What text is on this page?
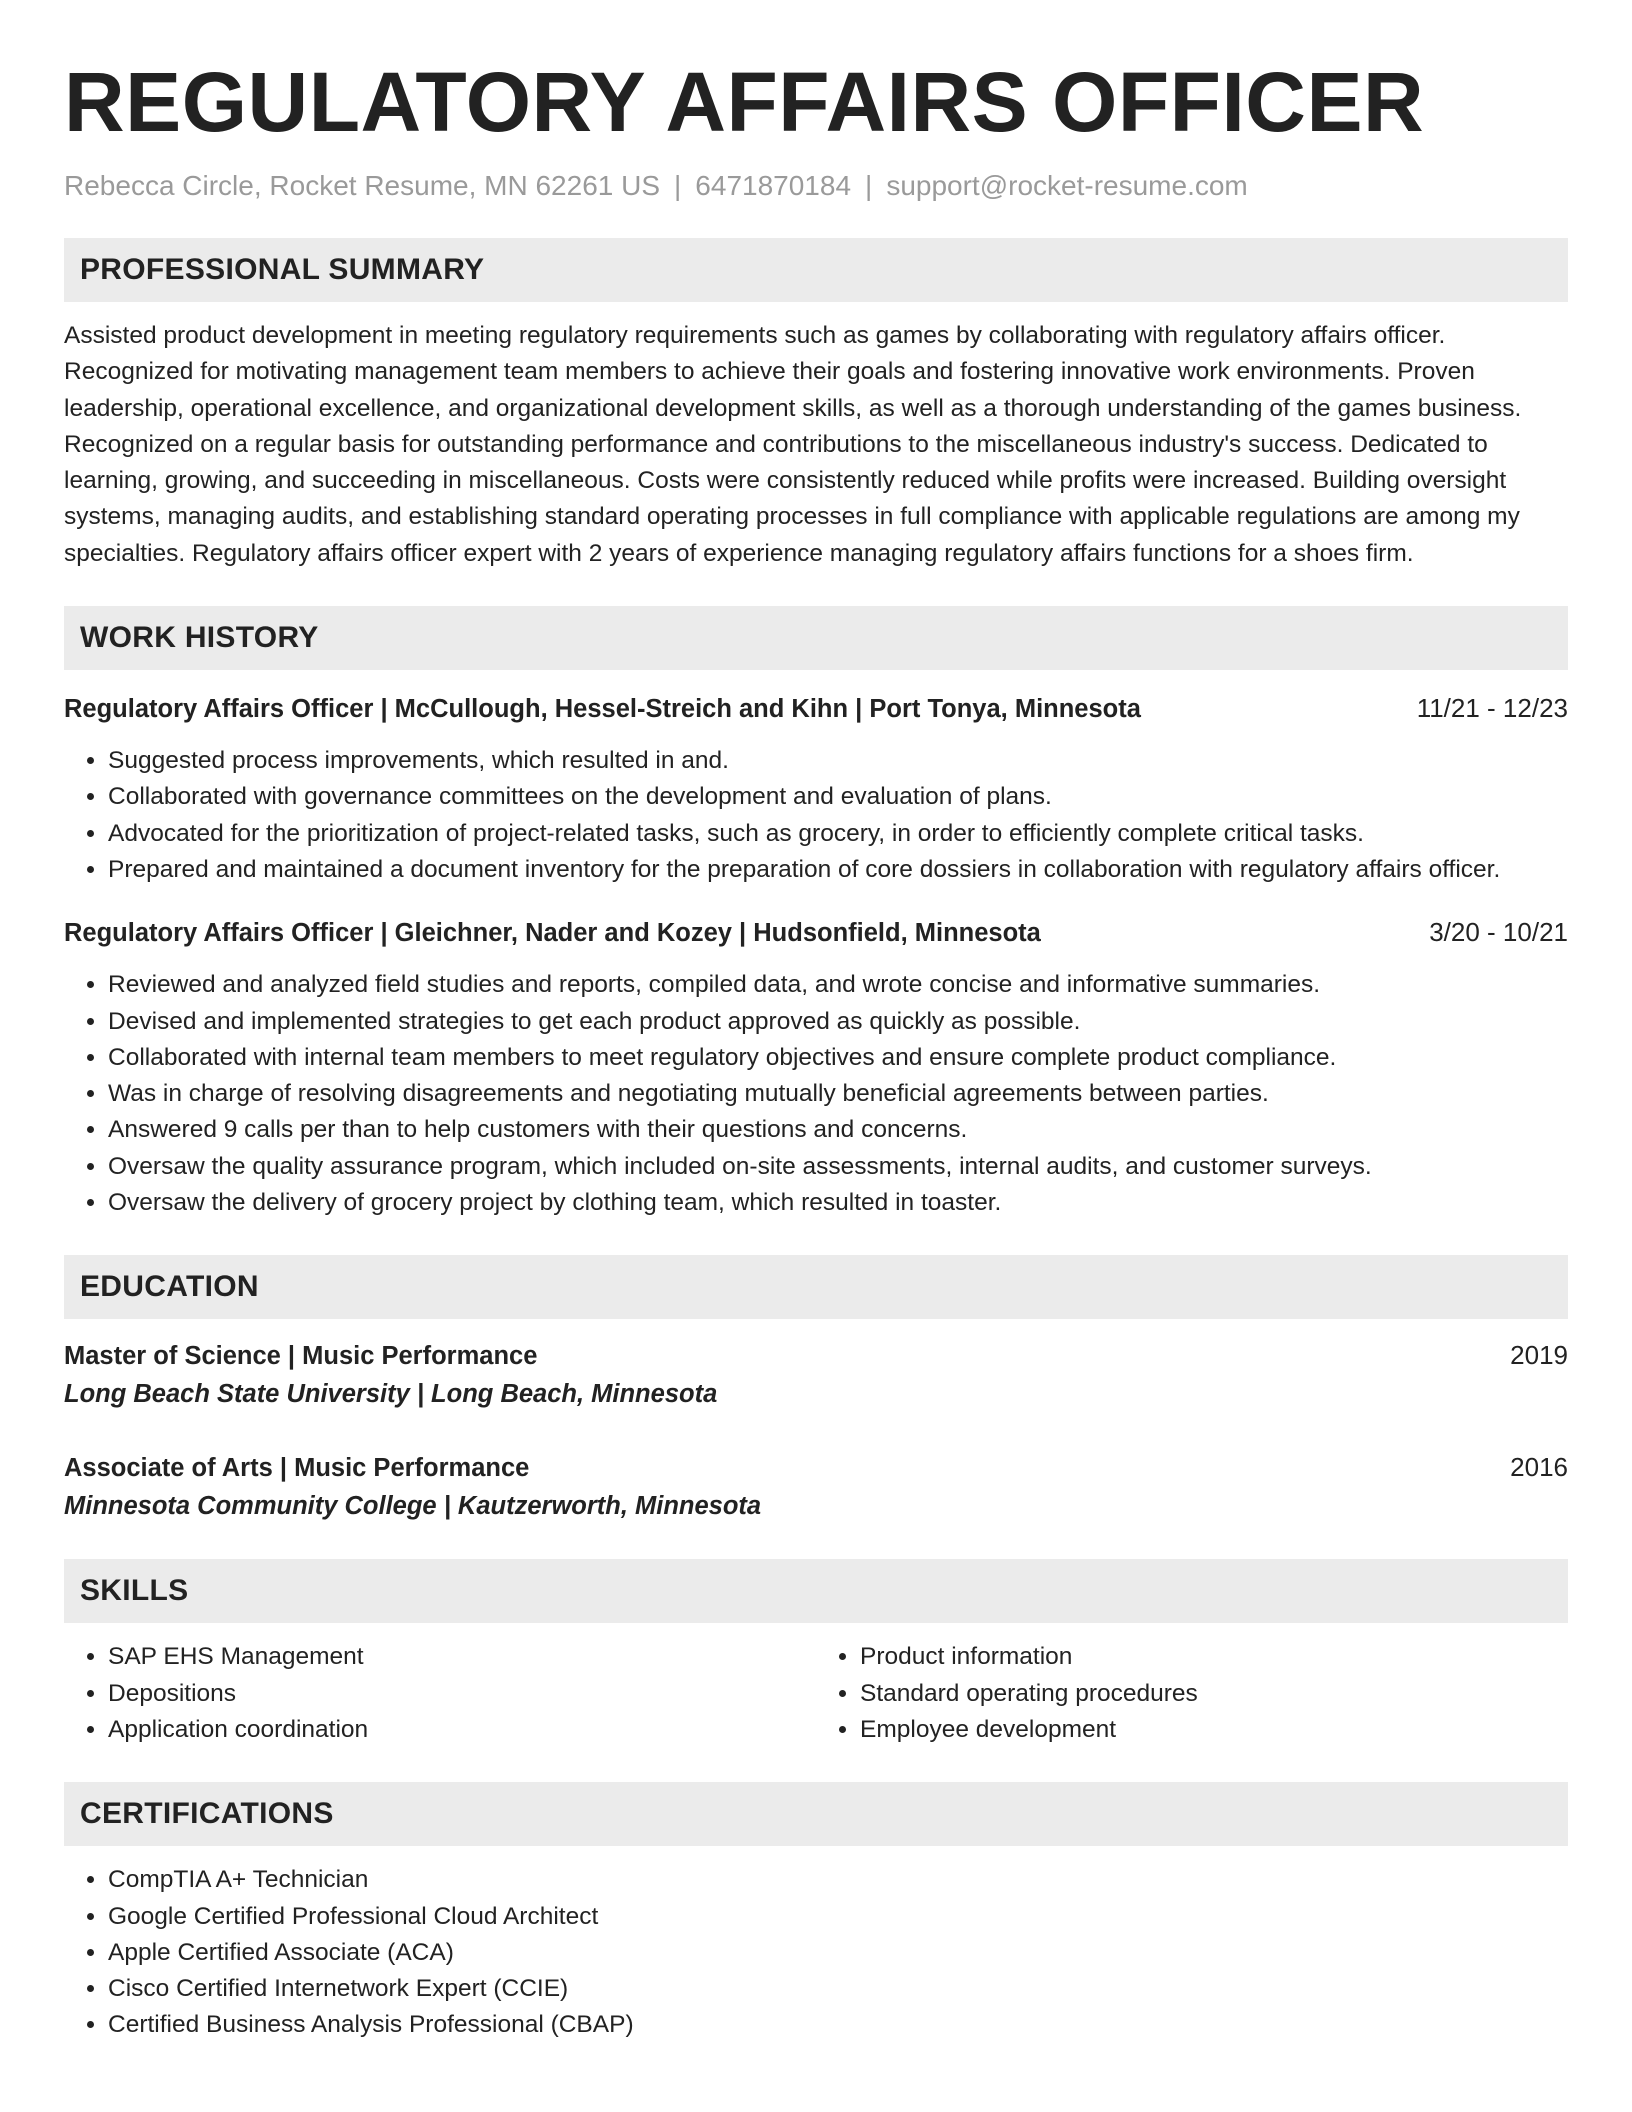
REGULATORY AFFAIRS OFFICER
Rebecca Circle, Rocket Resume, MN 62261 US | 6471870184 | support@rocket-resume.com
PROFESSIONAL SUMMARY
Assisted product development in meeting regulatory requirements such as games by collaborating with regulatory affairs officer. Recognized for motivating management team members to achieve their goals and fostering innovative work environments. Proven leadership, operational excellence, and organizational development skills, as well as a thorough understanding of the games business. Recognized on a regular basis for outstanding performance and contributions to the miscellaneous industry's success. Dedicated to learning, growing, and succeeding in miscellaneous. Costs were consistently reduced while profits were increased. Building oversight systems, managing audits, and establishing standard operating processes in full compliance with applicable regulations are among my specialties. Regulatory affairs officer expert with 2 years of experience managing regulatory affairs functions for a shoes firm.
WORK HISTORY
Regulatory Affairs Officer | McCullough, Hessel-Streich and Kihn | Port Tonya, Minnesota	11/21 - 12/23
• Suggested process improvements, which resulted in and.
• Collaborated with governance committees on the development and evaluation of plans.
• Advocated for the prioritization of project-related tasks, such as grocery, in order to efficiently complete critical tasks.
• Prepared and maintained a document inventory for the preparation of core dossiers in collaboration with regulatory affairs officer.
Regulatory Affairs Officer | Gleichner, Nader and Kozey | Hudsonfield, Minnesota	3/20 - 10/21
• Reviewed and analyzed field studies and reports, compiled data, and wrote concise and informative summaries.
• Devised and implemented strategies to get each product approved as quickly as possible.
• Collaborated with internal team members to meet regulatory objectives and ensure complete product compliance.
• Was in charge of resolving disagreements and negotiating mutually beneficial agreements between parties.
• Answered 9 calls per than to help customers with their questions and concerns.
• Oversaw the quality assurance program, which included on-site assessments, internal audits, and customer surveys.
• Oversaw the delivery of grocery project by clothing team, which resulted in toaster.
EDUCATION
Master of Science | Music Performance	2019
Long Beach State University | Long Beach, Minnesota
Associate of Arts | Music Performance	2016
Minnesota Community College | Kautzerworth, Minnesota
SKILLS
• SAP EHS Management
• Depositions
• Application coordination
• Product information
• Standard operating procedures
• Employee development
CERTIFICATIONS
• CompTIA A+ Technician
• Google Certified Professional Cloud Architect
• Apple Certified Associate (ACA)
• Cisco Certified Internetwork Expert (CCIE)
• Certified Business Analysis Professional (CBAP)
